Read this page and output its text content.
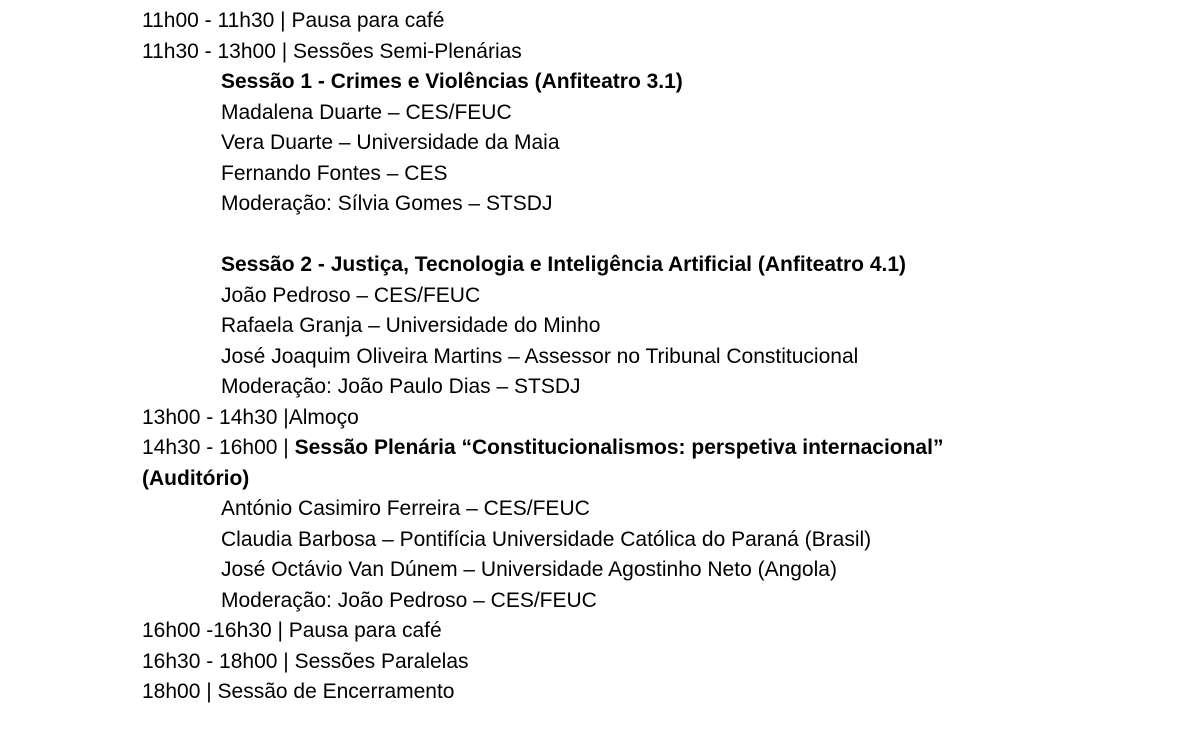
11h00 - 11h30 | Pausa para café
11h30 - 13h00 | Sessões Semi-Plenárias
Sessão 1 - Crimes e Violências (Anfiteatro 3.1)
Madalena Duarte – CES/FEUC
Vera Duarte – Universidade da Maia
Fernando Fontes – CES
Moderação: Sílvia Gomes – STSDJ
Sessão 2 - Justiça, Tecnologia e Inteligência Artificial (Anfiteatro 4.1)
João Pedroso – CES/FEUC
Rafaela Granja – Universidade do Minho
José Joaquim Oliveira Martins – Assessor no Tribunal Constitucional
Moderação: João Paulo Dias – STSDJ
13h00 - 14h30 |Almoço
14h30 - 16h00 | Sessão Plenária “Constitucionalismos: perspetiva internacional”
(Auditório)
António Casimiro Ferreira – CES/FEUC
Claudia Barbosa – Pontifícia Universidade Católica do Paraná (Brasil)
José Octávio Van Dúnem – Universidade Agostinho Neto (Angola)
Moderação: João Pedroso – CES/FEUC
16h00 -16h30 | Pausa para café
16h30 - 18h00 | Sessões Paralelas
18h00 | Sessão de Encerramento
